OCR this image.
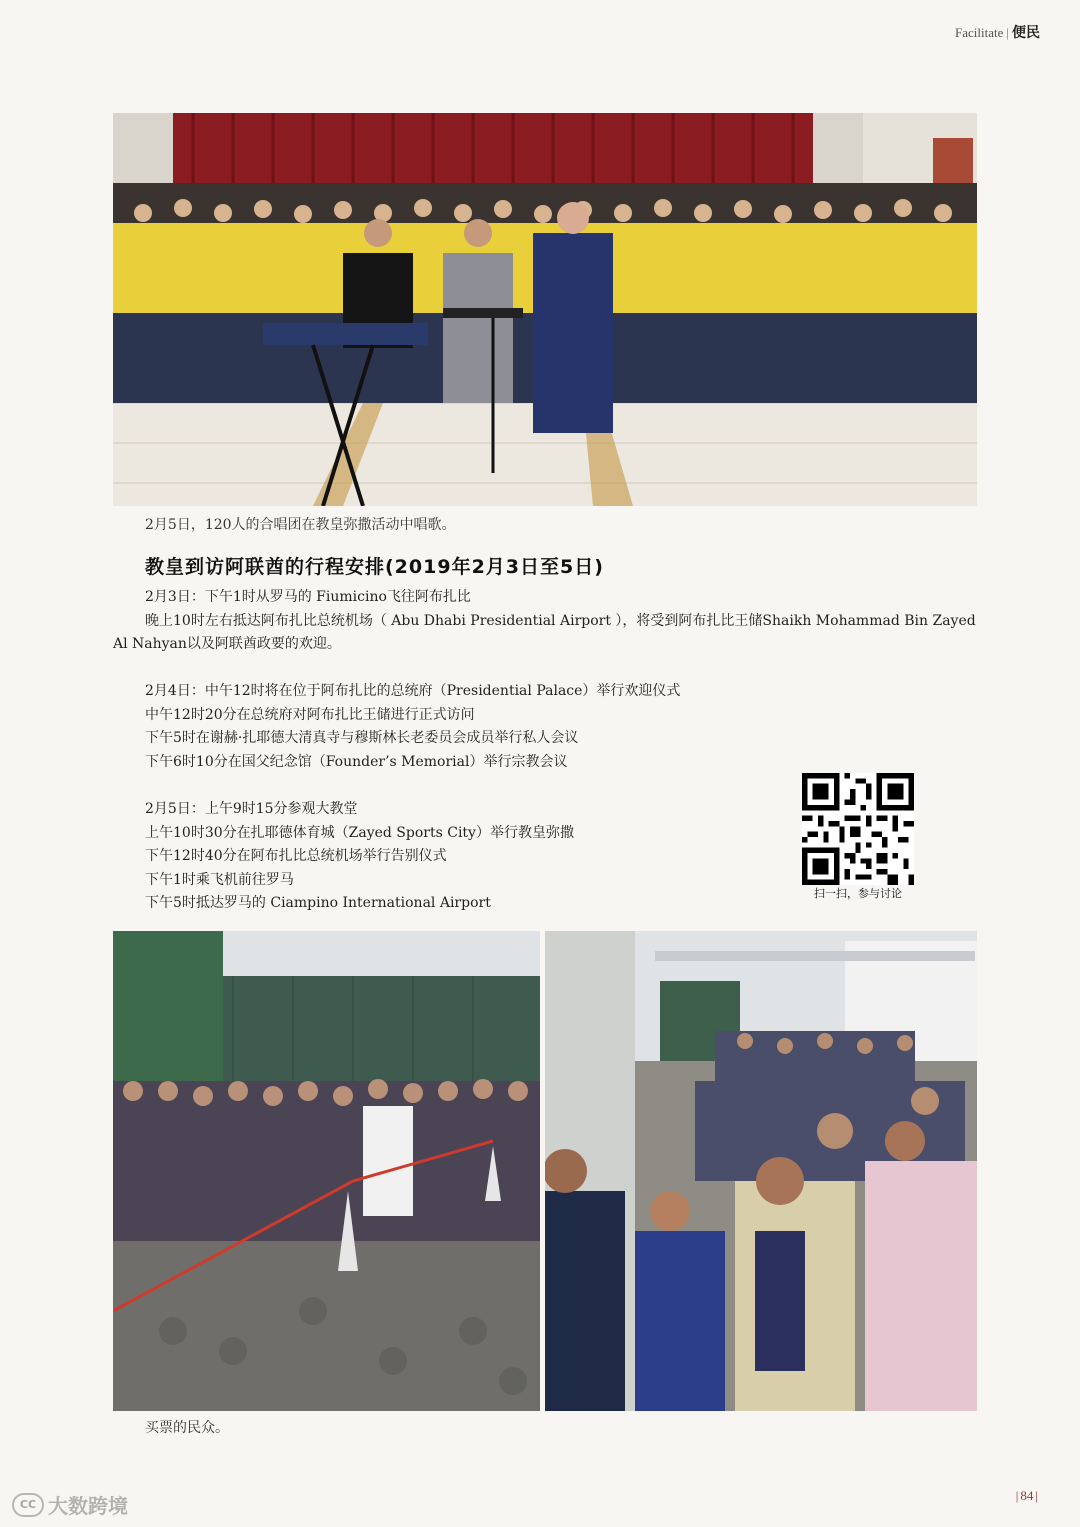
Facilitate | 便民
2月5日，120人的合唱团在教皇弥撒活动中唱歌。
教皇到访阿联酋的行程安排(2019年2月3日至5日)

2月3日：下午1时从罗马的 Fiumicino飞往阿布扎比

晚上10时左右抵达阿布扎比总统机场（ Abu Dhabi Presidential Airport ），将受到阿布扎比王储Shaikh Mohammad Bin Zayed Al Nahyan以及阿联酋政要的欢迎。

2月4日：中午12时将在位于阿布扎比的总统府（Presidential Palace）举行欢迎仪式

中午12时20分在总统府对阿布扎比王储进行正式访问

下午5时在谢赫·扎耶德大清真寺与穆斯林长老委员会成员举行私人会议

下午6时10分在国父纪念馆（Founder’s Memorial）举行宗教会议

2月5日：上午9时15分参观大教堂

上午10时30分在扎耶德体育城（Zayed Sports City）举行教皇弥撒

下午12时40分在阿布扎比总统机场举行告别仪式

下午1时乘飞机前往罗马

下午5时抵达罗马的 Ciampino International Airport

扫一扫，参与讨论
买票的民众。
| 84 |
CC 大数跨境
